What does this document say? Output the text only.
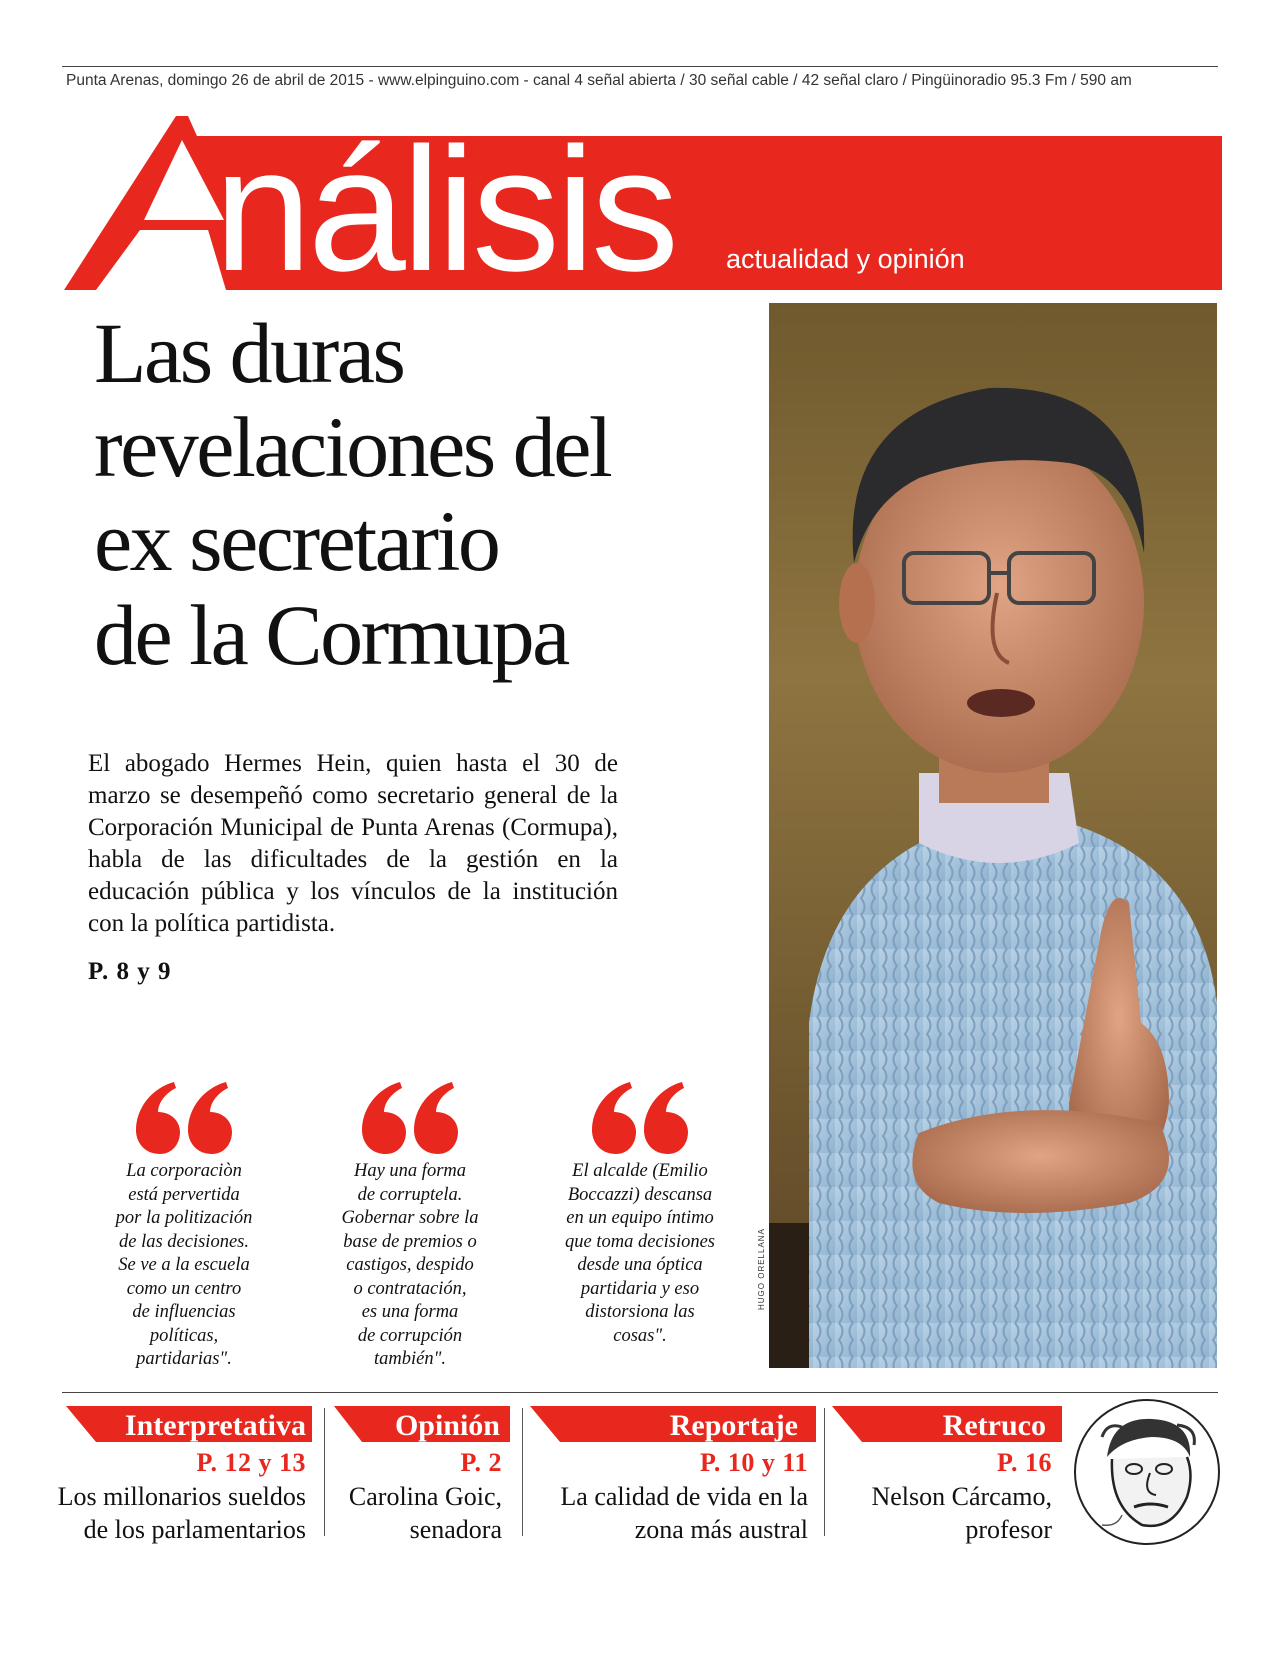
nálisis	Edición Nº 254 EL PINGUINO
actualidad y opinión
Punta Arenas, domingo 26 de abril de 2015 - www.elpinguino.com - canal 4 señal abierta / 30 señal cable / 42 señal claro / Pingüinoradio 95.3 Fm / 590 am
Las duras
revelaciones del
ex secretario
de la Cormupa

El abogado Hermes Hein, quien hasta el 30 de marzo se desempeñó como secretario general de la Corporación Municipal de Punta Arenas (Cormupa), habla de las dificultades de la gestión en la educación pública y los vínculos de la institución con la política partidista.

P. 8 y 9

La corporaciòn
está pervertida
por la politización
de las decisiones.
Se ve a la escuela
como un centro
de influencias
políticas,
partidarias".

Hay una forma
de corruptela.
Gobernar sobre la
base de premios o
castigos, despido
o contratación,
es una forma
de corrupción
también".

El alcalde (Emilio
Boccazzi) descansa
en un equipo íntimo
que toma decisiones
desde una óptica
partidaria y eso
distorsiona las
cosas".

HUGO ORELLANA
Interpretativa
P. 12 y 13
Los millonarios sueldos
de los parlamentarios
Opinión
P. 2
Carolina Goic,
senadora
Reportaje
P. 10 y 11
La calidad de vida en la
zona más austral
Retruco
P. 16
Nelson Cárcamo,
profesor
